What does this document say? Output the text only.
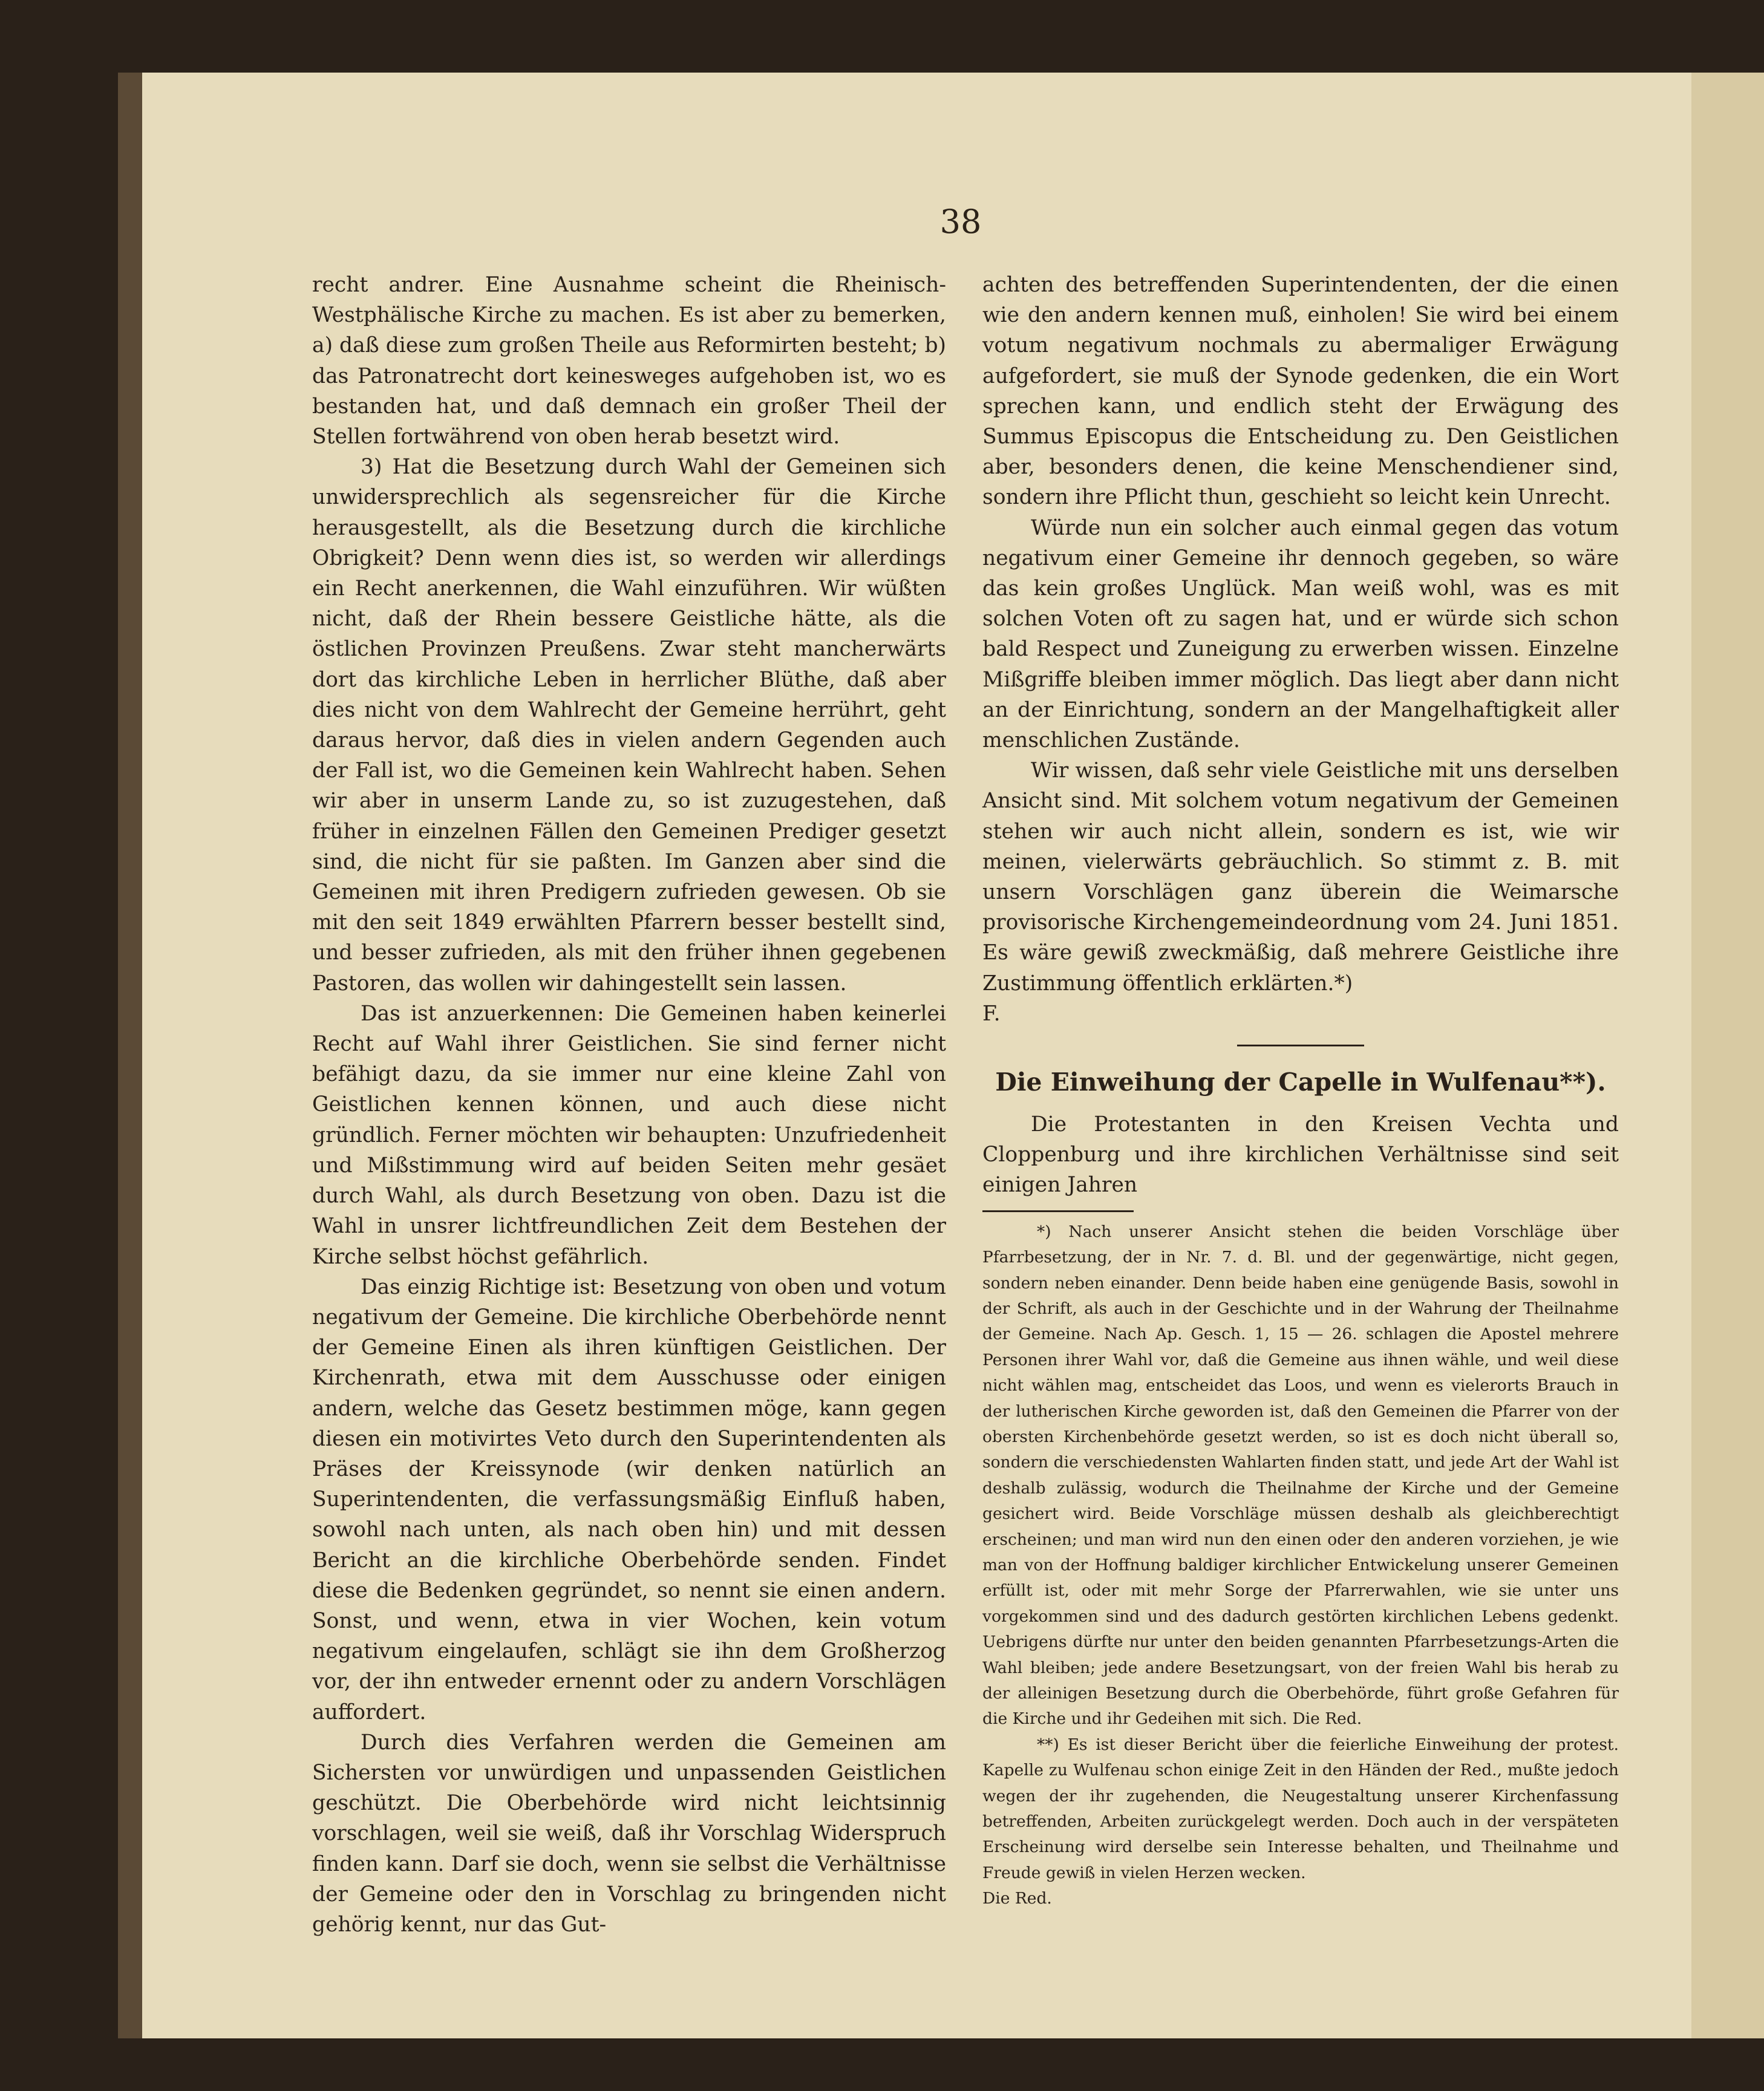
38

recht andrer. Eine Ausnahme scheint die Rheinisch-Westphälische Kirche zu machen. Es ist aber zu bemerken, a) daß diese zum großen Theile aus Reformirten besteht; b) das Patronatrecht dort keinesweges aufgehoben ist, wo es bestanden hat, und daß demnach ein großer Theil der Stellen fortwährend von oben herab besetzt wird.

3) Hat die Besetzung durch Wahl der Gemeinen sich unwidersprechlich als segensreicher für die Kirche herausgestellt, als die Besetzung durch die kirchliche Obrigkeit? Denn wenn dies ist, so werden wir allerdings ein Recht anerkennen, die Wahl einzuführen. Wir wüßten nicht, daß der Rhein bessere Geistliche hätte, als die östlichen Provinzen Preußens. Zwar steht mancherwärts dort das kirchliche Leben in herrlicher Blüthe, daß aber dies nicht von dem Wahlrecht der Gemeine herrührt, geht daraus hervor, daß dies in vielen andern Gegenden auch der Fall ist, wo die Gemeinen kein Wahlrecht haben. Sehen wir aber in unserm Lande zu, so ist zuzugestehen, daß früher in einzelnen Fällen den Gemeinen Prediger gesetzt sind, die nicht für sie paßten. Im Ganzen aber sind die Gemeinen mit ihren Predigern zufrieden gewesen. Ob sie mit den seit 1849 erwählten Pfarrern besser bestellt sind, und besser zufrieden, als mit den früher ihnen gegebenen Pastoren, das wollen wir dahingestellt sein lassen.

Das ist anzuerkennen: Die Gemeinen haben keinerlei Recht auf Wahl ihrer Geistlichen. Sie sind ferner nicht befähigt dazu, da sie immer nur eine kleine Zahl von Geistlichen kennen können, und auch diese nicht gründlich. Ferner möchten wir behaupten: Unzufriedenheit und Mißstimmung wird auf beiden Seiten mehr gesäet durch Wahl, als durch Besetzung von oben. Dazu ist die Wahl in unsrer lichtfreundlichen Zeit dem Bestehen der Kirche selbst höchst gefährlich.

Das einzig Richtige ist: Besetzung von oben und votum negativum der Gemeine. Die kirchliche Oberbehörde nennt der Gemeine Einen als ihren künftigen Geistlichen. Der Kirchenrath, etwa mit dem Ausschusse oder einigen andern, welche das Gesetz bestimmen möge, kann gegen diesen ein motivirtes Veto durch den Superintendenten als Präses der Kreissynode (wir denken natürlich an Superintendenten, die verfassungsmäßig Einfluß haben, sowohl nach unten, als nach oben hin) und mit dessen Bericht an die kirchliche Oberbehörde senden. Findet diese die Bedenken gegründet, so nennt sie einen andern. Sonst, und wenn, etwa in vier Wochen, kein votum negativum eingelaufen, schlägt sie ihn dem Großherzog vor, der ihn entweder ernennt oder zu andern Vorschlägen auffordert.

Durch dies Verfahren werden die Gemeinen am Sichersten vor unwürdigen und unpassenden Geistlichen geschützt. Die Oberbehörde wird nicht leichtsinnig vorschlagen, weil sie weiß, daß ihr Vorschlag Widerspruch finden kann. Darf sie doch, wenn sie selbst die Verhältnisse der Gemeine oder den in Vorschlag zu bringenden nicht gehörig kennt, nur das Gut-

achten des betreffenden Superintendenten, der die einen wie den andern kennen muß, einholen! Sie wird bei einem votum negativum nochmals zu abermaliger Erwägung aufgefordert, sie muß der Synode gedenken, die ein Wort sprechen kann, und endlich steht der Erwägung des Summus Episcopus die Entscheidung zu. Den Geistlichen aber, besonders denen, die keine Menschendiener sind, sondern ihre Pflicht thun, geschieht so leicht kein Unrecht.

Würde nun ein solcher auch einmal gegen das votum negativum einer Gemeine ihr dennoch gegeben, so wäre das kein großes Unglück. Man weiß wohl, was es mit solchen Voten oft zu sagen hat, und er würde sich schon bald Respect und Zuneigung zu erwerben wissen. Einzelne Mißgriffe bleiben immer möglich. Das liegt aber dann nicht an der Einrichtung, sondern an der Mangelhaftigkeit aller menschlichen Zustände.

Wir wissen, daß sehr viele Geistliche mit uns derselben Ansicht sind. Mit solchem votum negativum der Gemeinen stehen wir auch nicht allein, sondern es ist, wie wir meinen, vielerwärts gebräuchlich. So stimmt z. B. mit unsern Vorschlägen ganz überein die Weimarsche provisorische Kirchengemeindeordnung vom 24. Juni 1851. Es wäre gewiß zweckmäßig, daß mehrere Geistliche ihre Zustimmung öffentlich erklärten.*)

F.

Die Einweihung der Capelle in Wulfenau**).

Die Protestanten in den Kreisen Vechta und Cloppenburg und ihre kirchlichen Verhältnisse sind seit einigen Jahren

*) Nach unserer Ansicht stehen die beiden Vorschläge über Pfarrbesetzung, der in Nr. 7. d. Bl. und der gegenwärtige, nicht gegen, sondern neben einander. Denn beide haben eine genügende Basis, sowohl in der Schrift, als auch in der Geschichte und in der Wahrung der Theilnahme der Gemeine. Nach Ap. Gesch. 1, 15 — 26. schlagen die Apostel mehrere Personen ihrer Wahl vor, daß die Gemeine aus ihnen wähle, und weil diese nicht wählen mag, entscheidet das Loos, und wenn es vielerorts Brauch in der lutherischen Kirche geworden ist, daß den Gemeinen die Pfarrer von der obersten Kirchenbehörde gesetzt werden, so ist es doch nicht überall so, sondern die verschiedensten Wahlarten finden statt, und jede Art der Wahl ist deshalb zulässig, wodurch die Theilnahme der Kirche und der Gemeine gesichert wird. Beide Vorschläge müssen deshalb als gleichberechtigt erscheinen; und man wird nun den einen oder den anderen vorziehen, je wie man von der Hoffnung baldiger kirchlicher Entwickelung unserer Gemeinen erfüllt ist, oder mit mehr Sorge der Pfarrerwahlen, wie sie unter uns vorgekommen sind und des dadurch gestörten kirchlichen Lebens gedenkt. Uebrigens dürfte nur unter den beiden genannten Pfarrbesetzungs-Arten die Wahl bleiben; jede andere Besetzungsart, von der freien Wahl bis herab zu der alleinigen Besetzung durch die Oberbehörde, führt große Gefahren für die Kirche und ihr Gedeihen mit sich. Die Red.

**) Es ist dieser Bericht über die feierliche Einweihung der protest. Kapelle zu Wulfenau schon einige Zeit in den Händen der Red., mußte jedoch wegen der ihr zugehenden, die Neugestaltung unserer Kirchenfassung betreffenden, Arbeiten zurückgelegt werden. Doch auch in der verspäteten Erscheinung wird derselbe sein Interesse behalten, und Theilnahme und Freude gewiß in vielen Herzen wecken.

Die Red.
